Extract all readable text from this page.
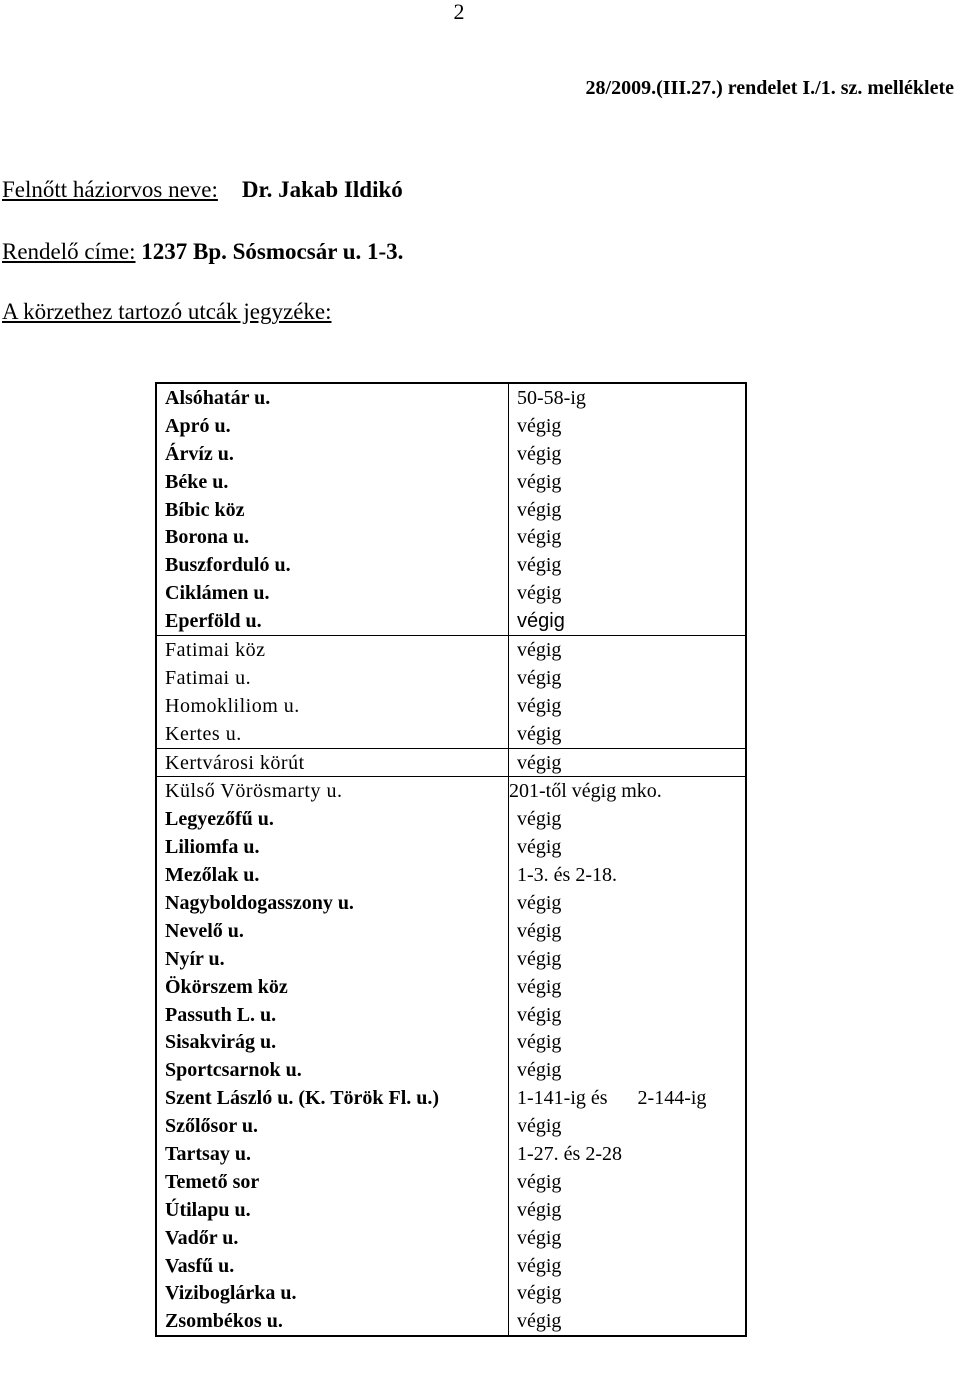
2
28/2009.(III.27.) rendelet I./1. sz. melléklete
Felnőtt háziorvos neve: Dr. Jakab Ildikó
Rendelő címe: 1237 Bp. Sósmocsár u. 1-3.
A körzethez tartozó utcák jegyzéke:
Alsóhatár u.	50-58-ig
Apró u.	végig
Árvíz u.	végig
Béke u.	végig
Bíbic köz	végig
Borona u.	végig
Buszforduló u.	végig
Ciklámen u.	végig
Eperföld u.	végig
Fatimai köz	végig
Fatimai u.	végig
Homokliliom u.	végig
Kertes u.	végig
Kertvárosi körút	végig
Külső Vörösmarty u.	201-től végig mko.
Legyezőfű u.	végig
Liliomfa u.	végig
Mezőlak u.	1-3. és 2-18.
Nagyboldogasszony u.	végig
Nevelő u.	végig
Nyír u.	végig
Ökörszem köz	végig
Passuth L. u.	végig
Sisakvirág u.	végig
Sportcsarnok u.	végig
Szent László u. (K. Török Fl. u.)	1-141-ig és 2-144-ig
Szőlősor u.	végig
Tartsay u.	1-27. és 2-28
Temető sor	végig
Útilapu u.	végig
Vadőr u.	végig
Vasfű u.	végig
Viziboglárka u.	végig
Zsombékos u.	végig
